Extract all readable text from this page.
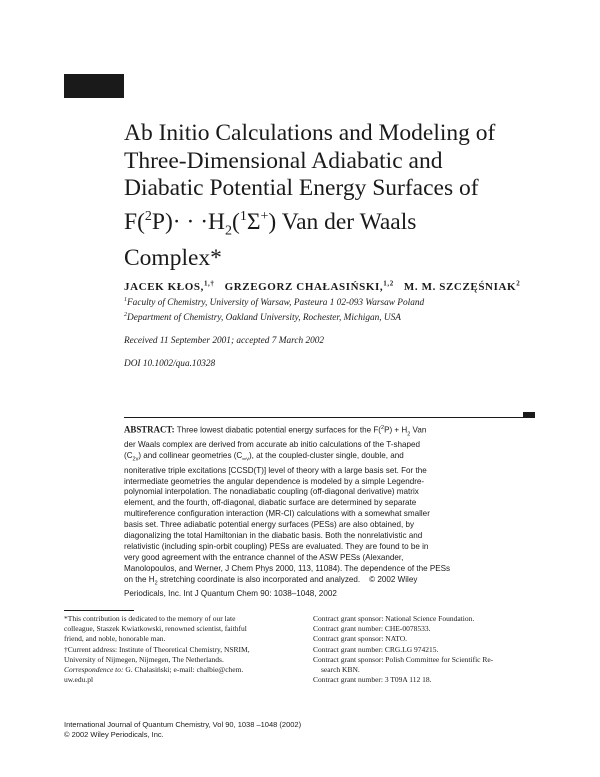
Ab Initio Calculations and Modeling of
Three-Dimensional Adiabatic and
Diabatic Potential Energy Surfaces of
$F(^2P)\cdot \cdot \cdot H_2(^1\Sigma^+)$ Van der Waals
Complex*
JACEK KŁOS,$^{1,\dagger}$ GRZEGORZ CHAŁASIŃSKI,$^{1,2}$ M. M. SZCZĘŚNIAK$^2$
$^1$Faculty of Chemistry, University of Warsaw, Pasteura 1 02-093 Warsaw Poland
$^2$Department of Chemistry, Oakland University, Rochester, Michigan, USA
Received 11 September 2001; accepted 7 March 2002
DOI 10.1002/qua.10328
ABSTRACT: Three lowest diabatic potential energy surfaces for the $F(^2P) + H_2$ Van
der Waals complex are derived from accurate ab initio calculations of the T-shaped
$(C_{2v})$ and collinear geometries $(C_{\infty v})$, at the coupled-cluster single, double, and
noniterative triple excitations [CCSD(T)] level of theory with a large basis set. For the
intermediate geometries the angular dependence is modeled by a simple Legendre-
polynomial interpolation. The nonadiabatic coupling (off-diagonal derivative) matrix
element, and the fourth, off-diagonal, diabatic surface are determined by separate
multireference configuration interaction (MR-CI) calculations with a somewhat smaller
basis set. Three adiabatic potential energy surfaces (PESs) are also obtained, by
diagonalizing the total Hamiltonian in the diabatic basis. Both the nonrelativistic and
relativistic (including spin-orbit coupling) PESs are evaluated. They are found to be in
very good agreement with the entrance channel of the ASW PESs (Alexander,
Manolopoulos, and Werner, J Chem Phys 2000, 113, 11084). The dependence of the PESs
on the $H_2$ stretching coordinate is also incorporated and analyzed. © 2002 Wiley
Periodicals, Inc. Int J Quantum Chem 90: 1038–1048, 2002
*This contribution is dedicated to the memory of our late
colleague, Staszek Kwiatkowski, renowned scientist, faithful
friend, and noble, honorable man.
†Current address: Institute of Theoretical Chemistry, NSRIM,
University of Nijmegen, Nijmegen, The Netherlands.
Correspondence to: G. Chałasiński; e-mail: chalbie@chem.
uw.edu.pl
Contract grant sponsor: National Science Foundation.
Contract grant number: CHE-0078533.
Contract grant sponsor: NATO.
Contract grant number: CRG.LG 974215.
Contract grant sponsor: Polish Committee for Scientific Re-
search KBN.
Contract grant number: 3 T09A 112 18.
International Journal of Quantum Chemistry, Vol 90, 1038 –1048 (2002)
© 2002 Wiley Periodicals, Inc.
